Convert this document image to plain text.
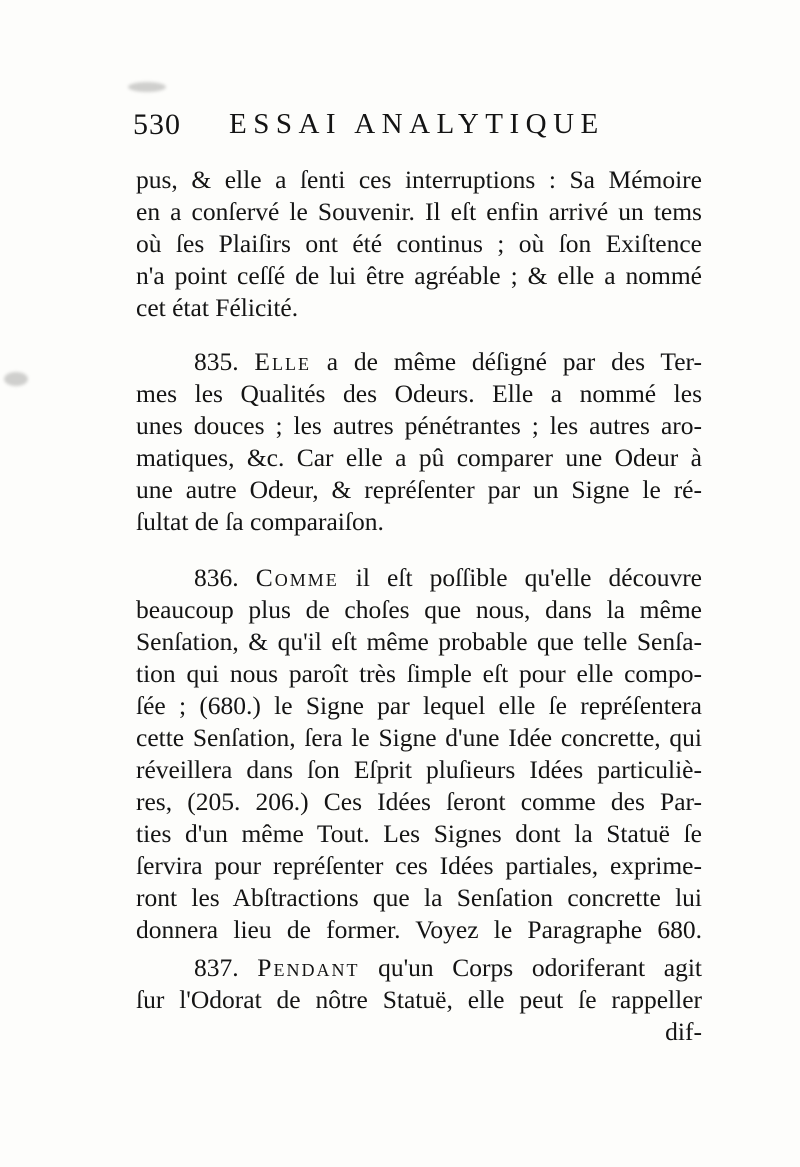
530 ESSAI ANALYTIQUE
pus, & elle a ſenti ces interruptions : Sa Mémoire
en a conſervé le Souvenir. Il eſt enfin arrivé un tems
où ſes Plaiſirs ont été continus ; où ſon Exiſtence
n'a point ceſſé de lui être agréable ; & elle a nommé
cet état Félicité.
835. Elle a de même déſigné par des Ter-
mes les Qualités des Odeurs. Elle a nommé les
unes douces ; les autres pénétrantes ; les autres aro-
matiques, &c. Car elle a pû comparer une Odeur à
une autre Odeur, & repréſenter par un Signe le ré-
ſultat de ſa comparaiſon.
836. Comme il eſt poſſible qu'elle découvre
beaucoup plus de choſes que nous, dans la même
Senſation, & qu'il eſt même probable que telle Senſa-
tion qui nous paroît très ſimple eſt pour elle compo-
ſée ; (680.) le Signe par lequel elle ſe repréſentera
cette Senſation, ſera le Signe d'une Idée concrette, qui
réveillera dans ſon Eſprit pluſieurs Idées particuliè-
res, (205. 206.) Ces Idées ſeront comme des Par-
ties d'un même Tout. Les Signes dont la Statuë ſe
ſervira pour repréſenter ces Idées partiales, exprime-
ront les Abſtractions que la Senſation concrette lui
donnera lieu de former. Voyez le Paragraphe 680.
837. Pendant qu'un Corps odoriferant agit
ſur l'Odorat de nôtre Statuë, elle peut ſe rappeller
dif-
